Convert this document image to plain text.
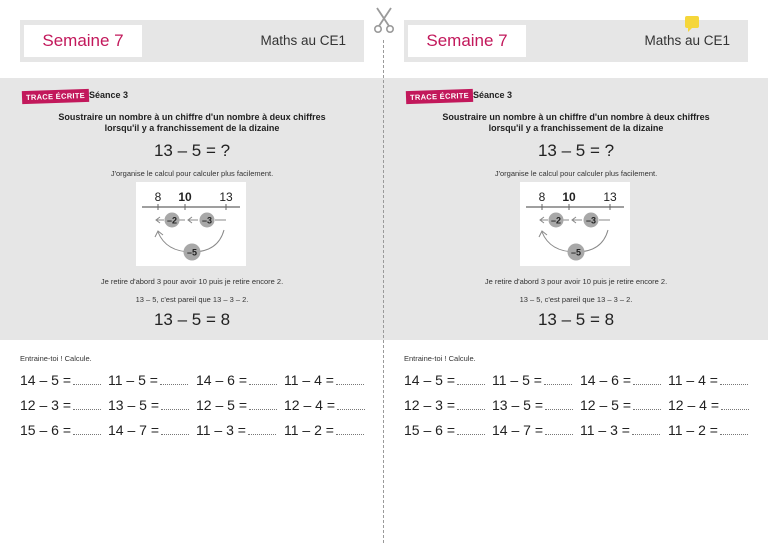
Semaine 7	Maths au CE1
TRACE ÉCRITE Séance 3
Soustraire un nombre à un chiffre d'un nombre à deux chiffres
lorsqu'il y a franchissement de la dizaine
13 – 5 = ?
J'organise le calcul pour calculer plus facilement.
8 10 13
–2	–3
–5
Je retire d'abord 3 pour avoir 10 puis je retire encore 2.
13 – 5, c'est pareil que 13 – 3 – 2.
13 – 5 = 8
Entraine-toi ! Calcule.
14 – 5 =	11 – 5 =	14 – 6 =	11 – 4 =
12 – 3 =	13 – 5 =	12 – 5 =	12 – 4 =
15 – 6 =	14 – 7 =	11 – 3 =	11 – 2 =
Semaine 7	Maths au CE1
TRACE ÉCRITE Séance 3
Soustraire un nombre à un chiffre d'un nombre à deux chiffres
lorsqu'il y a franchissement de la dizaine
13 – 5 = ?
J'organise le calcul pour calculer plus facilement.
8 10 13
–2	–3
–5
Je retire d'abord 3 pour avoir 10 puis je retire encore 2.
13 – 5, c'est pareil que 13 – 3 – 2.
13 – 5 = 8
Entraine-toi ! Calcule.
14 – 5 =	11 – 5 =	14 – 6 =	11 – 4 =
12 – 3 =	13 – 5 =	12 – 5 =	12 – 4 =
15 – 6 =	14 – 7 =	11 – 3 =	11 – 2 =
